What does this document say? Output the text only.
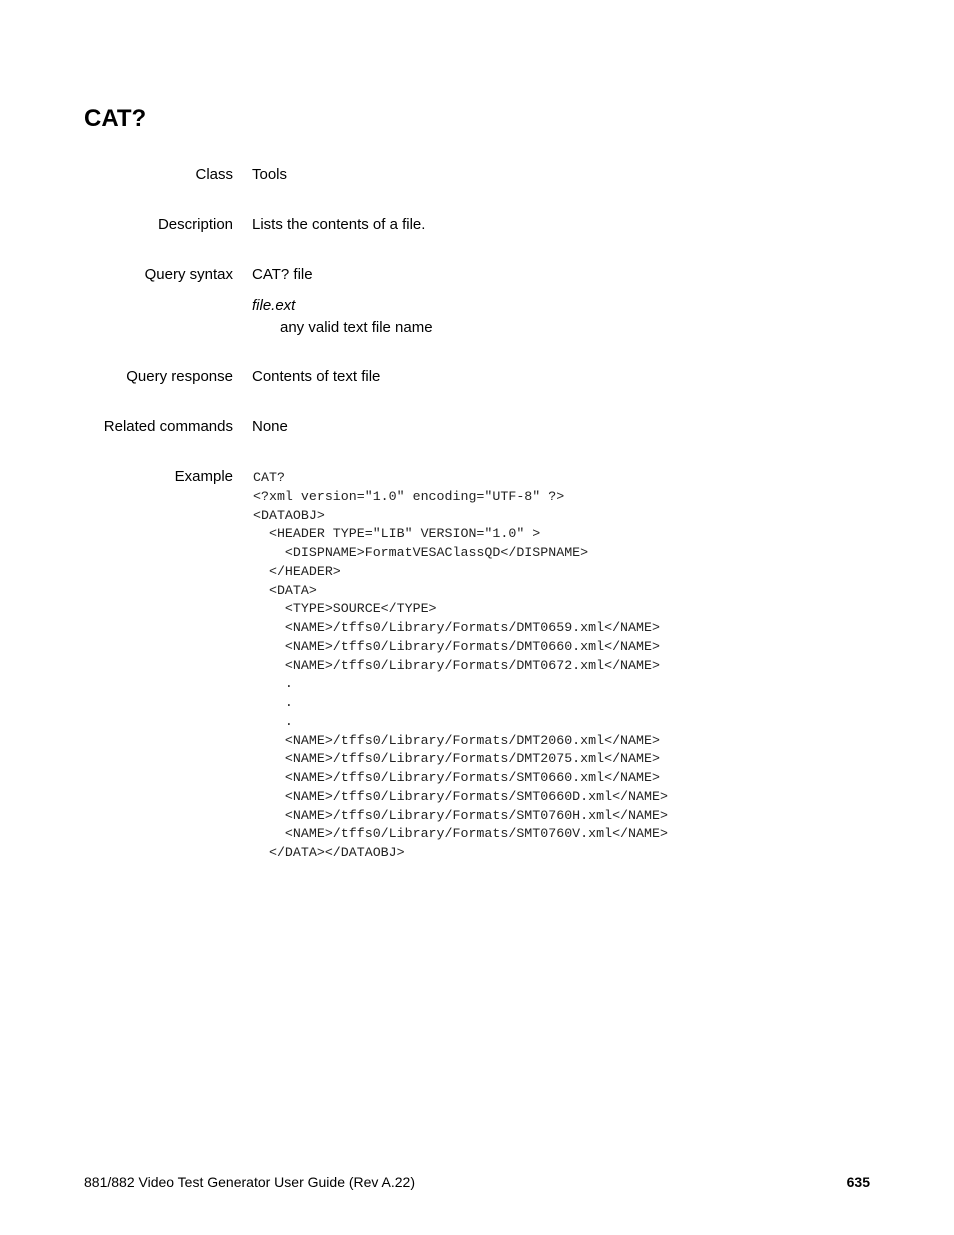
CAT?
Class Tools
Description Lists the contents of a file.
Query syntax CAT? file
file.ext
any valid text file name
Query response Contents of text file
Related commands None
Example CAT?
<?xml version="1.0" encoding="UTF-8" ?>
<DATAOBJ>
<HEADER TYPE="LIB" VERSION="1.0" >
<DISPNAME>FormatVESAClassQD</DISPNAME>
</HEADER>
<DATA>
<TYPE>SOURCE</TYPE>
<NAME>/tffs0/Library/Formats/DMT0659.xml</NAME>
<NAME>/tffs0/Library/Formats/DMT0660.xml</NAME>
<NAME>/tffs0/Library/Formats/DMT0672.xml</NAME>
.
.
.
<NAME>/tffs0/Library/Formats/DMT2060.xml</NAME>
<NAME>/tffs0/Library/Formats/DMT2075.xml</NAME>
<NAME>/tffs0/Library/Formats/SMT0660.xml</NAME>
<NAME>/tffs0/Library/Formats/SMT0660D.xml</NAME>
<NAME>/tffs0/Library/Formats/SMT0760H.xml</NAME>
<NAME>/tffs0/Library/Formats/SMT0760V.xml</NAME>
</DATA></DATAOBJ>
881/882 Video Test Generator User Guide (Rev A.22)	635
